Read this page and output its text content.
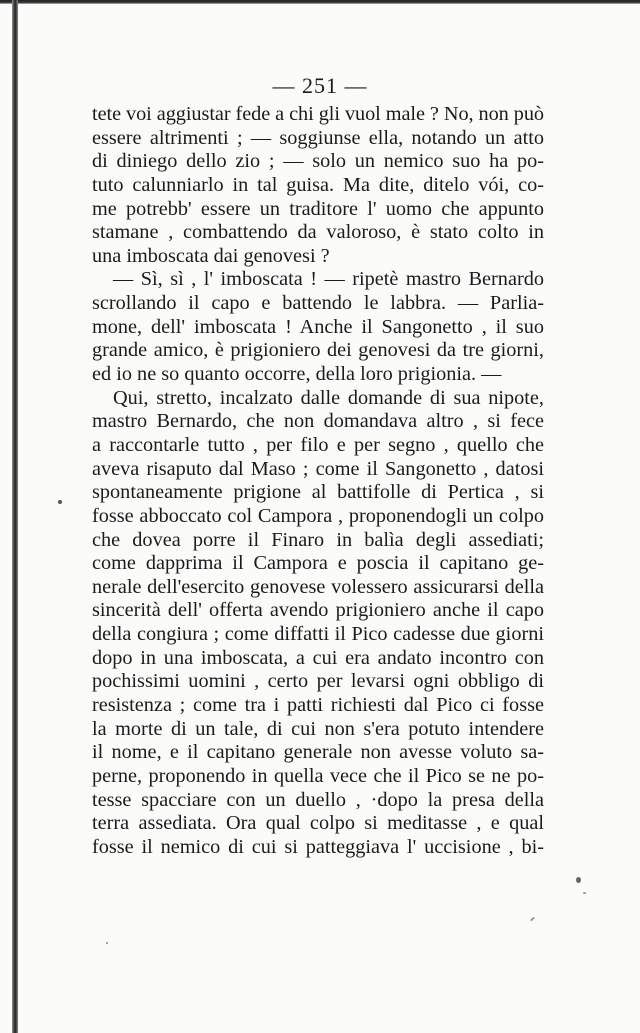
— 251 —
tete voi aggiustar fede a chi gli vuol male ? No, non può
essere altrimenti ; — soggiunse ella, notando un atto
di diniego dello zio ; — solo un nemico suo ha po-
tuto calunniarlo in tal guisa. Ma dite, ditelo vói, co-
me potrebb' essere un traditore l' uomo che appunto
stamane , combattendo da valoroso, è stato colto in
una imboscata dai genovesi ?
— Sì, sì , l' imboscata ! — ripetè mastro Bernardo
scrollando il capo e battendo le labbra. — Parlia-
mone, dell' imboscata ! Anche il Sangonetto , il suo
grande amico, è prigioniero dei genovesi da tre giorni,
ed io ne so quanto occorre, della loro prigionia. —
Qui, stretto, incalzato dalle domande di sua nipote,
mastro Bernardo, che non domandava altro , si fece
a raccontarle tutto , per filo e per segno , quello che
aveva risaputo dal Maso ; come il Sangonetto , datosi
spontaneamente prigione al battifolle di Pertica , si
fosse abboccato col Campora , proponendogli un colpo
che dovea porre il Finaro in balìa degli assediati;
come dapprima il Campora e poscia il capitano ge-
nerale dell'esercito genovese volessero assicurarsi della
sincerità dell' offerta avendo prigioniero anche il capo
della congiura ; come diffatti il Pico cadesse due giorni
dopo in una imboscata, a cui era andato incontro con
pochissimi uomini , certo per levarsi ogni obbligo di
resistenza ; come tra i patti richiesti dal Pico ci fosse
la morte di un tale, di cui non s'era potuto intendere
il nome, e il capitano generale non avesse voluto sa-
perne, proponendo in quella vece che il Pico se ne po-
tesse spacciare con un duello , ·dopo la presa della
terra assediata. Ora qual colpo si meditasse , e qual
fosse il nemico di cui si patteggiava l' uccisione , bi-
